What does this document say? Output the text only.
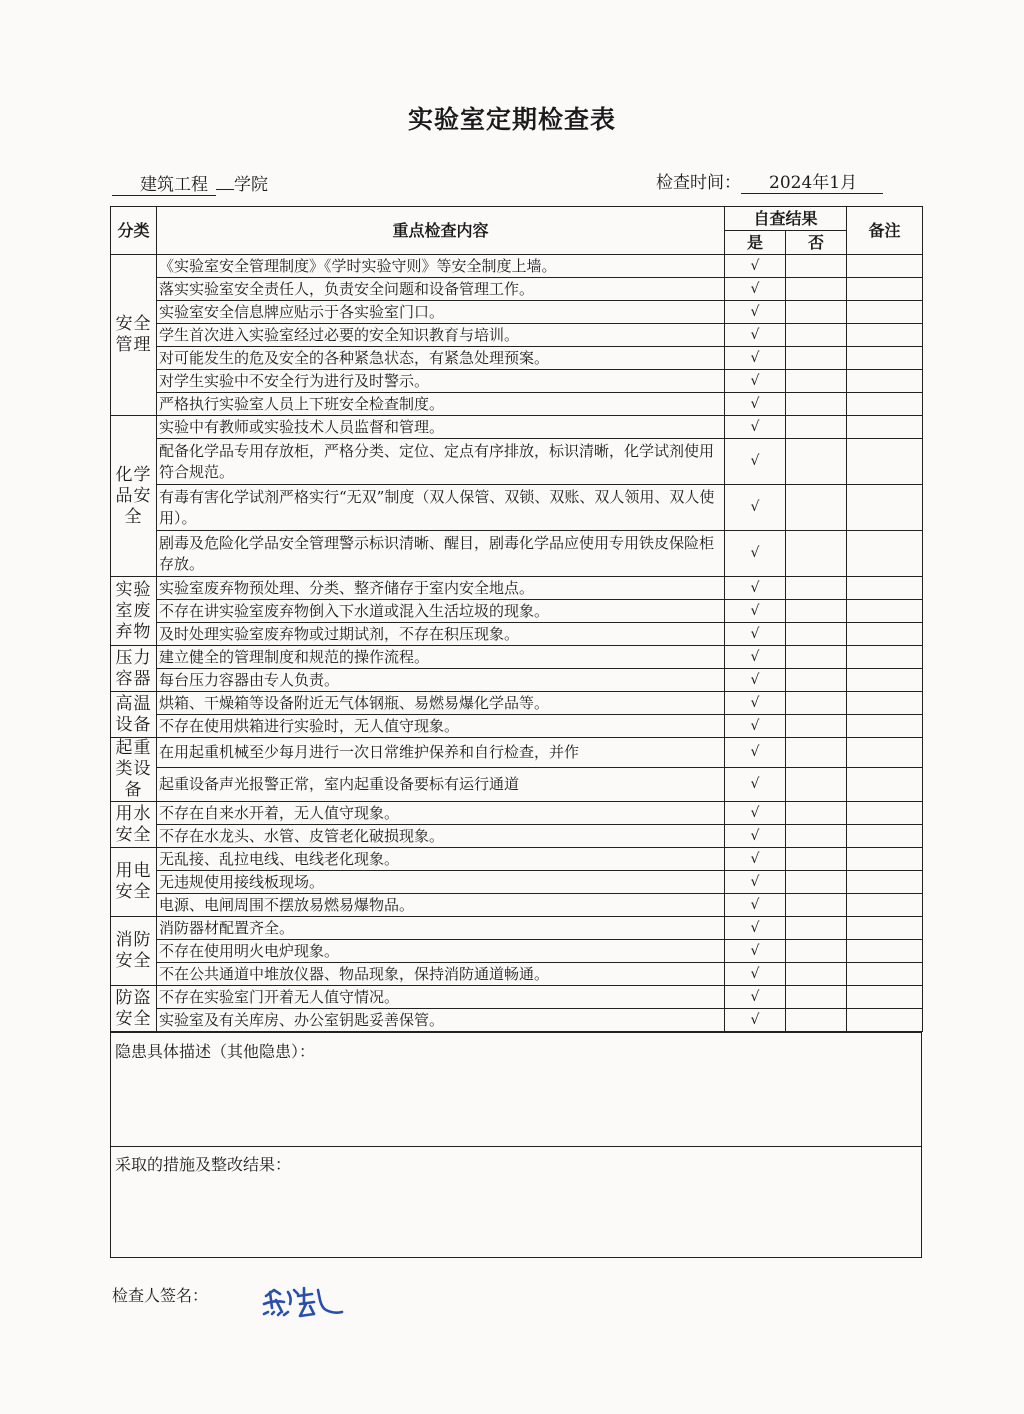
实验室定期检查表
建筑工程 学院	检查时间： 2024年1月
分类	重点检查内容	自查结果		备注
		是	否	
安全管理	《实验室安全管理制度》《学时实验守则》等安全制度上墙。	√		
	落实实验室安全责任人，负责安全问题和设备管理工作。	√		
	实验室安全信息牌应贴示于各实验室门口。	√		
	学生首次进入实验室经过必要的安全知识教育与培训。	√		
	对可能发生的危及安全的各种紧急状态，有紧急处理预案。	√		
	对学生实验中不安全行为进行及时警示。	√		
	严格执行实验室人员上下班安全检查制度。	√		
化学品安全	实验中有教师或实验技术人员监督和管理。	√		
	配备化学品专用存放柜，严格分类、定位、定点有序排放，标识清晰，化学试剂使用符合规范。	√		
	有毒有害化学试剂严格实行“无双”制度（双人保管、双锁、双账、双人领用、双人使用）。	√		
	剧毒及危险化学品安全管理警示标识清晰、醒目，剧毒化学品应使用专用铁皮保险柜存放。	√		
实验室废弃物	实验室废弃物预处理、分类、整齐储存于室内安全地点。	√		
	不存在讲实验室废弃物倒入下水道或混入生活垃圾的现象。	√		
	及时处理实验室废弃物或过期试剂，不存在积压现象。	√		
压力容器	建立健全的管理制度和规范的操作流程。	√		
	每台压力容器由专人负责。	√		
高温设备	烘箱、干燥箱等设备附近无气体钢瓶、易燃易爆化学品等。	√		
	不存在使用烘箱进行实验时，无人值守现象。	√		
起重类设备	在用起重机械至少每月进行一次日常维护保养和自行检查，并作	√		
	起重设备声光报警正常，室内起重设备要标有运行通道	√		
用水安全	不存在自来水开着，无人值守现象。	√		
	不存在水龙头、水管、皮管老化破损现象。	√		
用电安全	无乱接、乱拉电线、电线老化现象。	√		
	无违规使用接线板现场。	√		
	电源、电闸周围不摆放易燃易爆物品。	√		
消防安全	消防器材配置齐全。	√		
	不存在使用明火电炉现象。	√		
	不在公共通道中堆放仪器、物品现象，保持消防通道畅通。	√		
防盗安全	不存在实验室门开着无人值守情况。	√		
	实验室及有关库房、办公室钥匙妥善保管。	√		
隐患具体描述（其他隐患）：
采取的措施及整改结果：
检查人签名：
